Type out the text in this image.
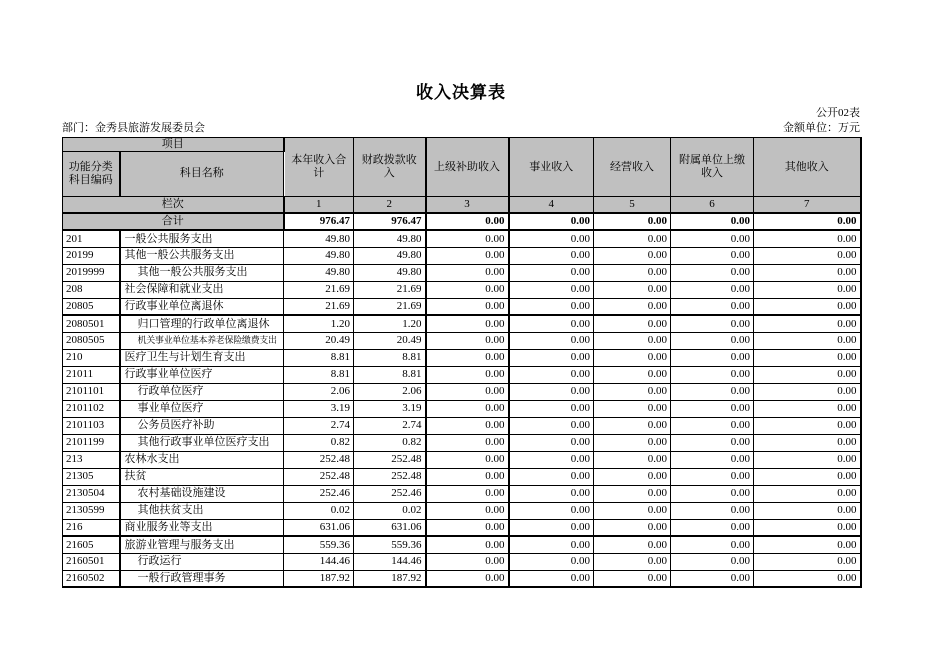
收入决算表
公开02表
部门：金秀县旅游发展委员会	金额单位：万元
项目		本年收入合计	财政拨款收入	上级补助收入	事业收入	经营收入	附属单位上缴收入	其他收入
功能分类科目编码	科目名称							
栏次		1	2	3	4	5	6	7
合计		976.47	976.47	0.00	0.00	0.00	0.00	0.00
201	一般公共服务支出	49.80	49.80	0.00	0.00	0.00	0.00	0.00
20199	其他一般公共服务支出	49.80	49.80	0.00	0.00	0.00	0.00	0.00
2019999	其他一般公共服务支出	49.80	49.80	0.00	0.00	0.00	0.00	0.00
208	社会保障和就业支出	21.69	21.69	0.00	0.00	0.00	0.00	0.00
20805	行政事业单位离退休	21.69	21.69	0.00	0.00	0.00	0.00	0.00
2080501	归口管理的行政单位离退休	1.20	1.20	0.00	0.00	0.00	0.00	0.00
2080505	机关事业单位基本养老保险缴费支出	20.49	20.49	0.00	0.00	0.00	0.00	0.00
210	医疗卫生与计划生育支出	8.81	8.81	0.00	0.00	0.00	0.00	0.00
21011	行政事业单位医疗	8.81	8.81	0.00	0.00	0.00	0.00	0.00
2101101	行政单位医疗	2.06	2.06	0.00	0.00	0.00	0.00	0.00
2101102	事业单位医疗	3.19	3.19	0.00	0.00	0.00	0.00	0.00
2101103	公务员医疗补助	2.74	2.74	0.00	0.00	0.00	0.00	0.00
2101199	其他行政事业单位医疗支出	0.82	0.82	0.00	0.00	0.00	0.00	0.00
213	农林水支出	252.48	252.48	0.00	0.00	0.00	0.00	0.00
21305	扶贫	252.48	252.48	0.00	0.00	0.00	0.00	0.00
2130504	农村基础设施建设	252.46	252.46	0.00	0.00	0.00	0.00	0.00
2130599	其他扶贫支出	0.02	0.02	0.00	0.00	0.00	0.00	0.00
216	商业服务业等支出	631.06	631.06	0.00	0.00	0.00	0.00	0.00
21605	旅游业管理与服务支出	559.36	559.36	0.00	0.00	0.00	0.00	0.00
2160501	行政运行	144.46	144.46	0.00	0.00	0.00	0.00	0.00
2160502	一般行政管理事务	187.92	187.92	0.00	0.00	0.00	0.00	0.00
